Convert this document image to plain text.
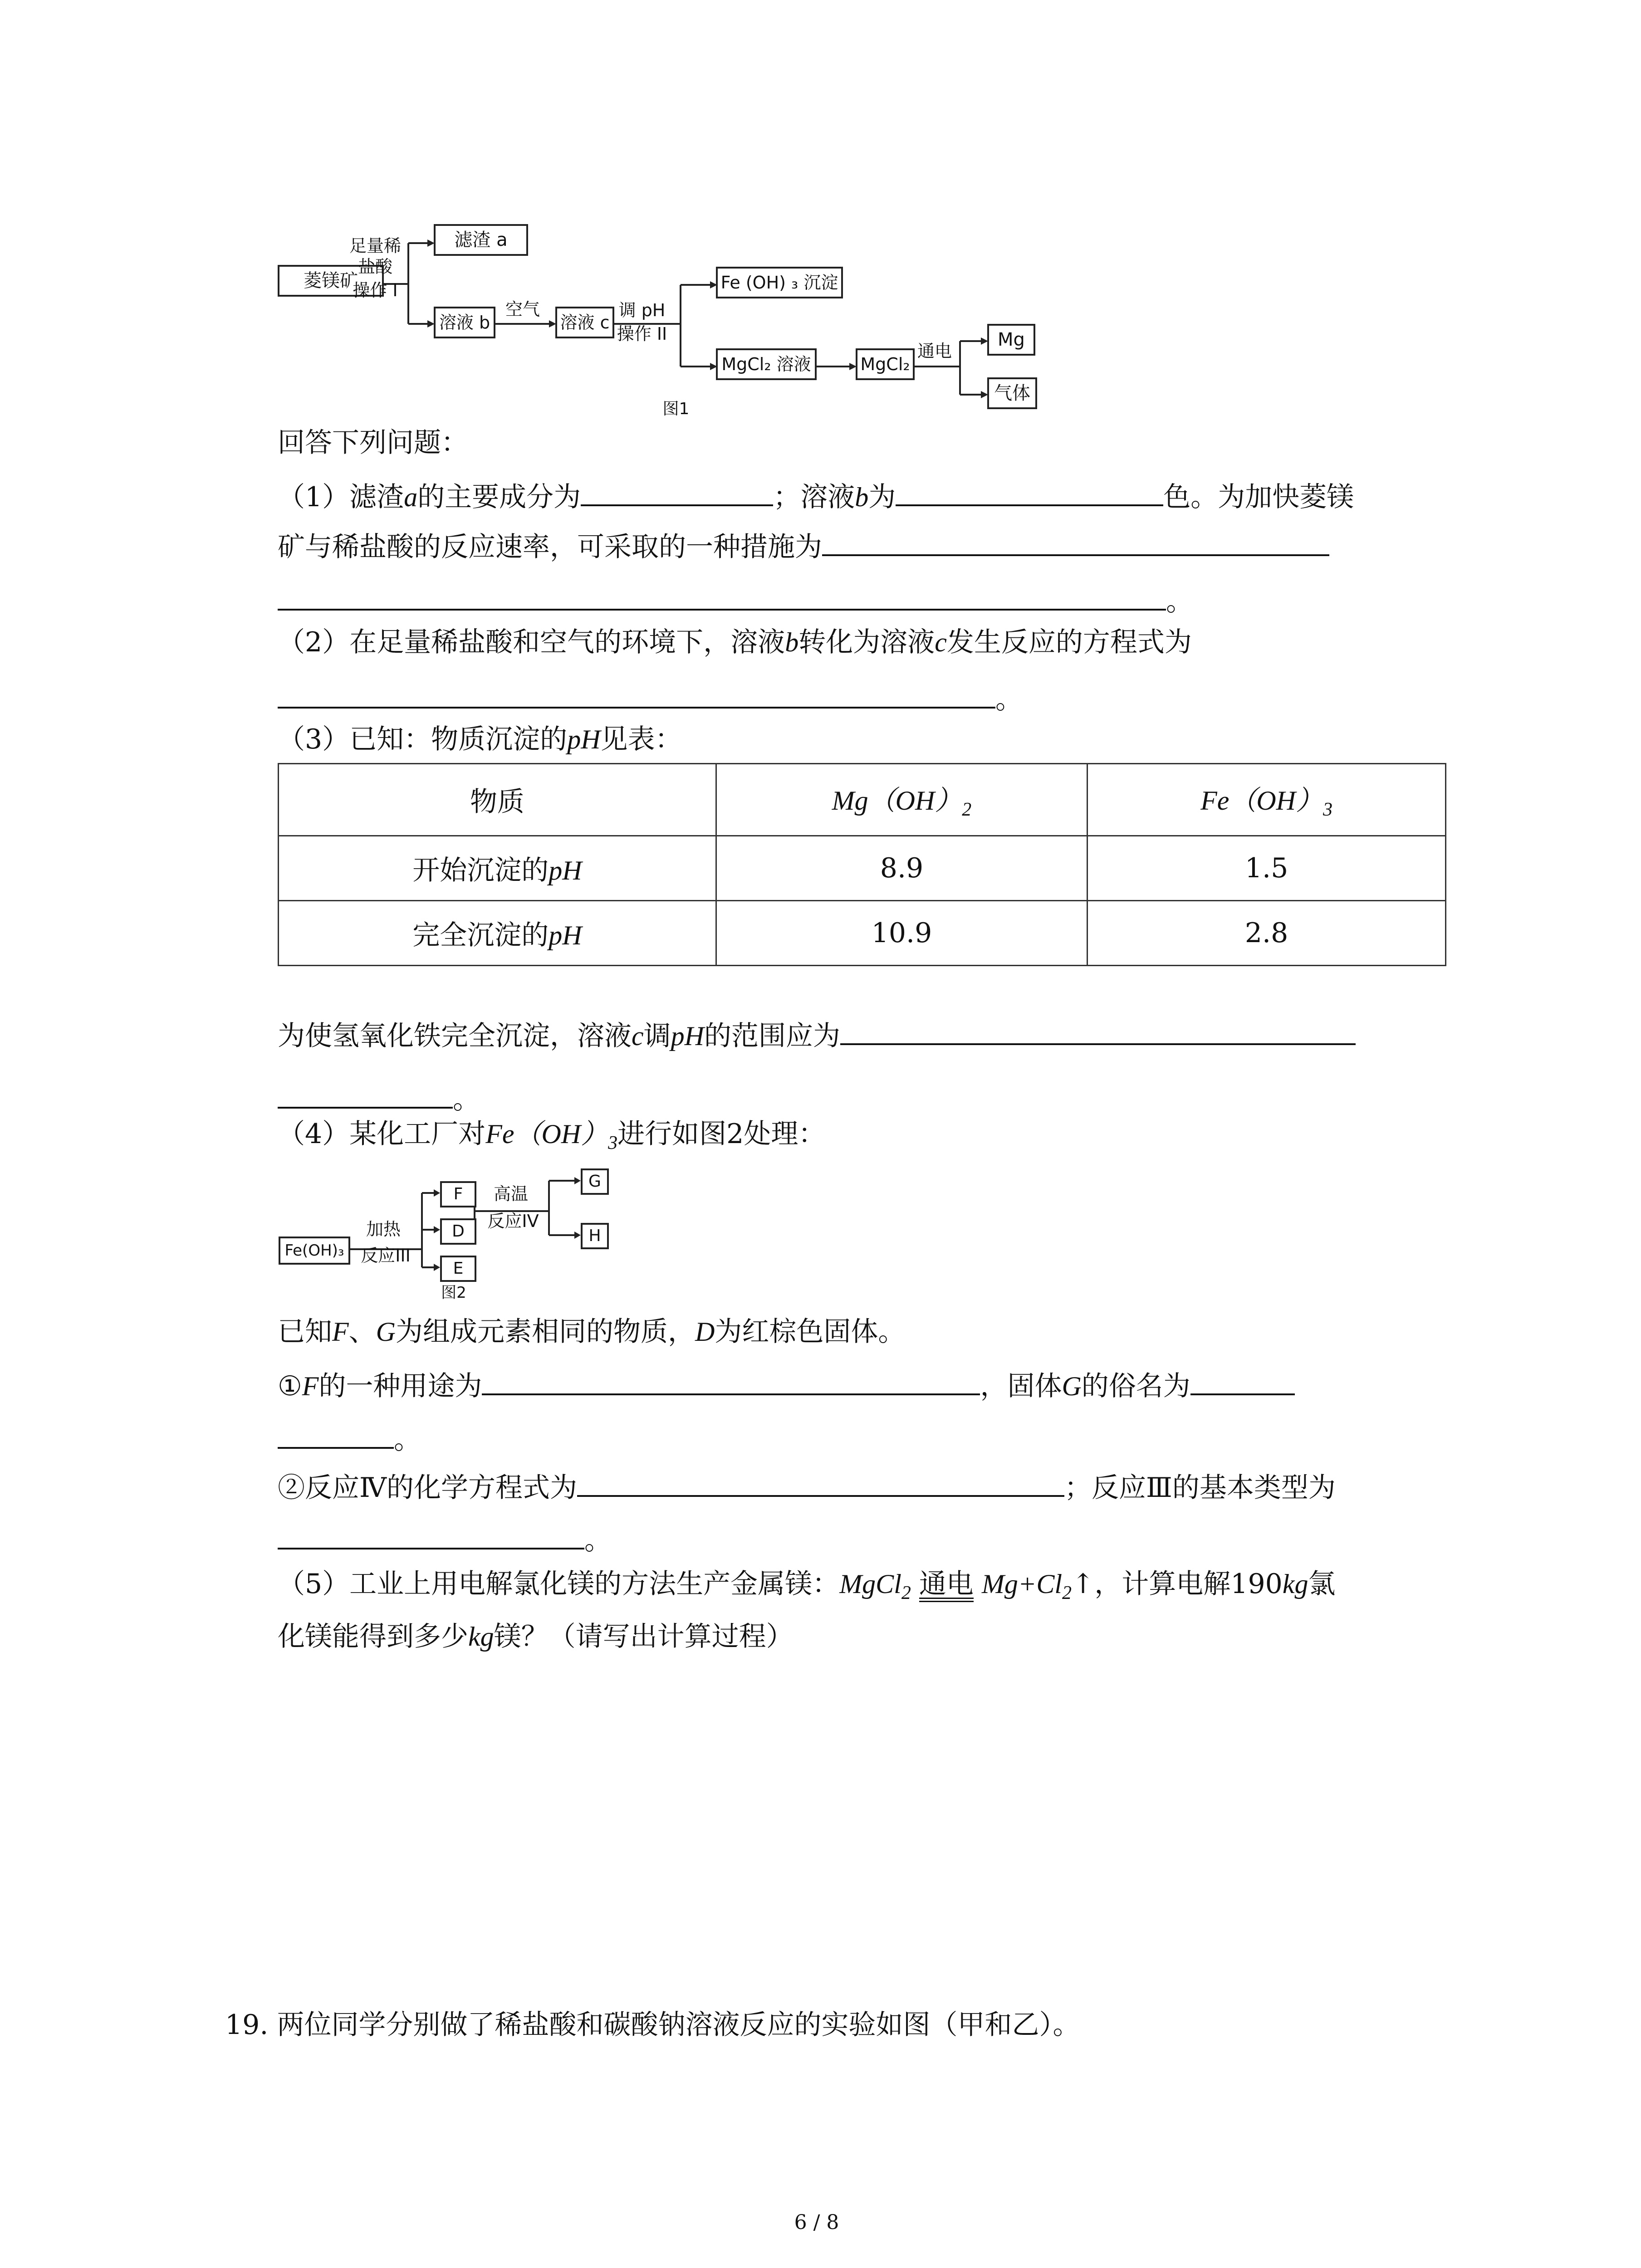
菱镁矿
足量稀
盐酸
操作 I
滤渣 a
溶液 b
空气
溶液 c
调 pH
操作 II
Fe (OH) ₃ 沉淀
MgCl₂ 溶液	MgCl₂
通电
Mg
气体
图1
回答下列问题：
（1）滤渣a的主要成分为	；溶液b为	色。为加快菱镁
矿与稀盐酸的反应速率，可采取的一种措施为
。
（2）在足量稀盐酸和空气的环境下，溶液b转化为溶液c发生反应的方程式为
。
（3）已知：物质沉淀的pH见表：
物质	$Mg(OH)_2$	$Fe(OH)_3$
开始沉淀的pH	8.9	1.5
完全沉淀的pH	10.9	2.8
为使氢氧化铁完全沉淀，溶液c调pH的范围应为
。
（4）某化工厂对$Fe(OH)_3$进行如图2处理：
Fe(OH)₃
加热
反应III
F
D
E
高温
反应IV
G
H
图2
已知F、G为组成元素相同的物质，D为红棕色固体。
①F的一种用途为	，固体G的俗名为
。
②反应Ⅳ的化学方程式为	；反应Ⅲ的基本类型为
。
（5）工业上用电解氯化镁的方法生产金属镁：MgCl$_2$ 通电 $Mg+Cl_2↑$，计算电解190kg氯
化镁能得到多少kg镁？（请写出计算过程）
19. 两位同学分别做了稀盐酸和碳酸钠溶液反应的实验如图（甲和乙）。
6 / 8
